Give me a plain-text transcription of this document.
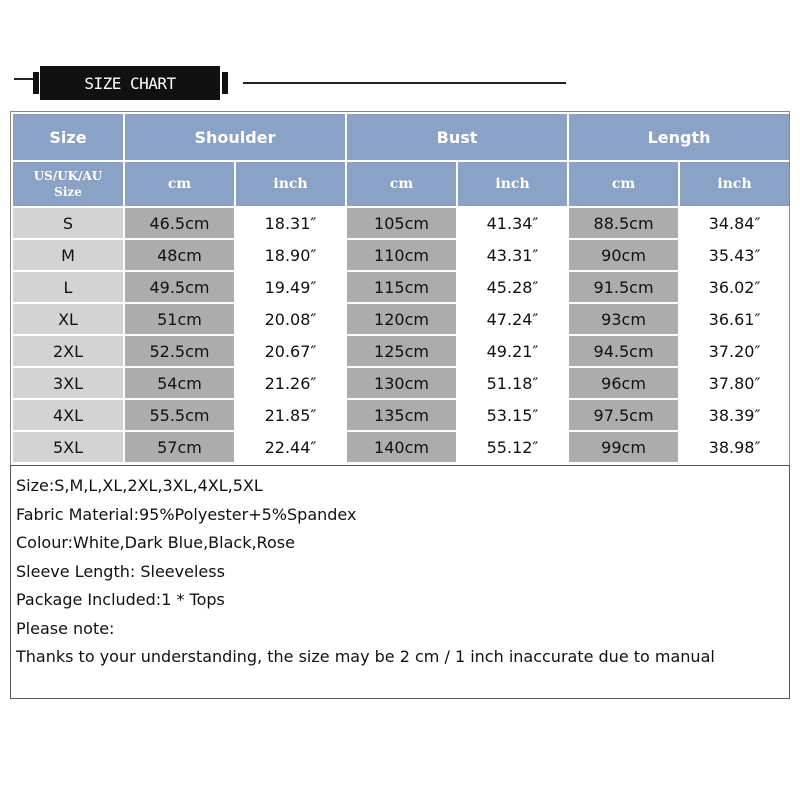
SIZE CHART
Size	Shoulder		Bust		Length	

US/UK/AU
Size	cm	inch	cm	inch	cm	inch
S	46.5cm	18.31″	105cm	41.34″	88.5cm	34.84″
M	48cm	18.90″	110cm	43.31″	90cm	35.43″
L	49.5cm	19.49″	115cm	45.28″	91.5cm	36.02″
XL	51cm	20.08″	120cm	47.24″	93cm	36.61″
2XL	52.5cm	20.67″	125cm	49.21″	94.5cm	37.20″
3XL	54cm	21.26″	130cm	51.18″	96cm	37.80″
4XL	55.5cm	21.85″	135cm	53.15″	97.5cm	38.39″
5XL	57cm	22.44″	140cm	55.12″	99cm	38.98″
Size:S,M,L,XL,2XL,3XL,4XL,5XL
Fabric Material:95%Polyester+5%Spandex
Colour:White,Dark Blue,Black,Rose
Sleeve Length: Sleeveless
Package Included:1 * Tops
Please note:
Thanks to your understanding, the size may be 2 cm / 1 inch inaccurate due to manual
